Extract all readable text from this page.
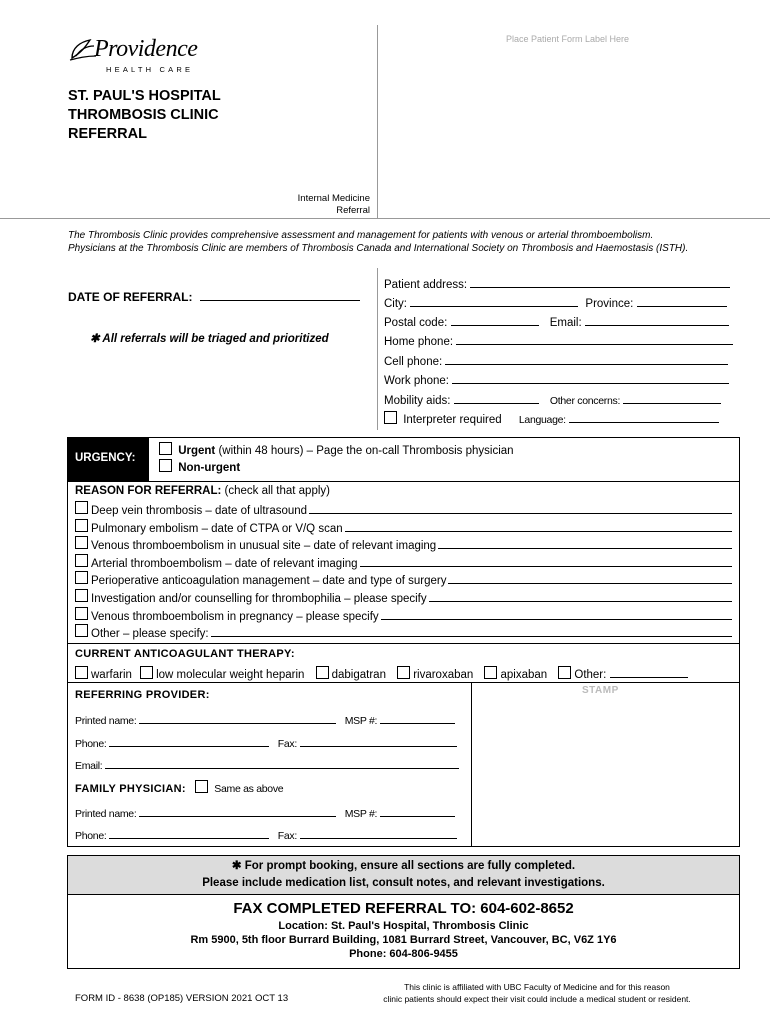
Providence
HEALTH CARE
ST. PAUL'S HOSPITAL
THROMBOSIS CLINIC
REFERRAL
Place Patient Form Label Here
Internal Medicine
Referral
The Thrombosis Clinic provides comprehensive assessment and management for patients with venous or arterial thromboembolism.
Physicians at the Thrombosis Clinic are members of Thrombosis Canada and International Society on Thrombosis and Haemostasis (ISTH).
DATE OF REFERRAL:
✱ All referrals will be triaged and prioritized
Patient address:
City:	Province:
Postal code:	Email:
Home phone:
Cell phone:
Work phone:
Mobility aids:	Other concerns:
Interpreter required Language:
URGENCY:
Urgent (within 48 hours) – Page the on-call Thrombosis physician
Non-urgent
REASON FOR REFERRAL: (check all that apply)
Deep vein thrombosis – date of ultrasound
Pulmonary embolism – date of CTPA or V/Q scan
Venous thromboembolism in unusual site – date of relevant imaging
Arterial thromboembolism – date of relevant imaging
Perioperative anticoagulation management – date and type of surgery
Investigation and/or counselling for thrombophilia – please specify
Venous thromboembolism in pregnancy – please specify
Other – please specify:
CURRENT ANTICOAGULANT THERAPY:
warfarin low molecular weight heparin dabigatran rivaroxaban apixaban Other:
STAMP
REFERRING PROVIDER:
Printed name:	MSP #:
Phone:	Fax:
Email:
FAMILY PHYSICIAN:	Same as above
Printed name:	MSP #:
Phone:	Fax:
✱ For prompt booking, ensure all sections are fully completed.
Please include medication list, consult notes, and relevant investigations.
FAX COMPLETED REFERRAL TO: 604-602-8652
Location: St. Paul's Hospital, Thrombosis Clinic
Rm 5900, 5th floor Burrard Building, 1081 Burrard Street, Vancouver, BC, V6Z 1Y6
Phone: 604-806-9455
FORM ID - 8638 (OP185) VERSION 2021 OCT 13
This clinic is affiliated with UBC Faculty of Medicine and for this reason
clinic patients should expect their visit could include a medical student or resident.
